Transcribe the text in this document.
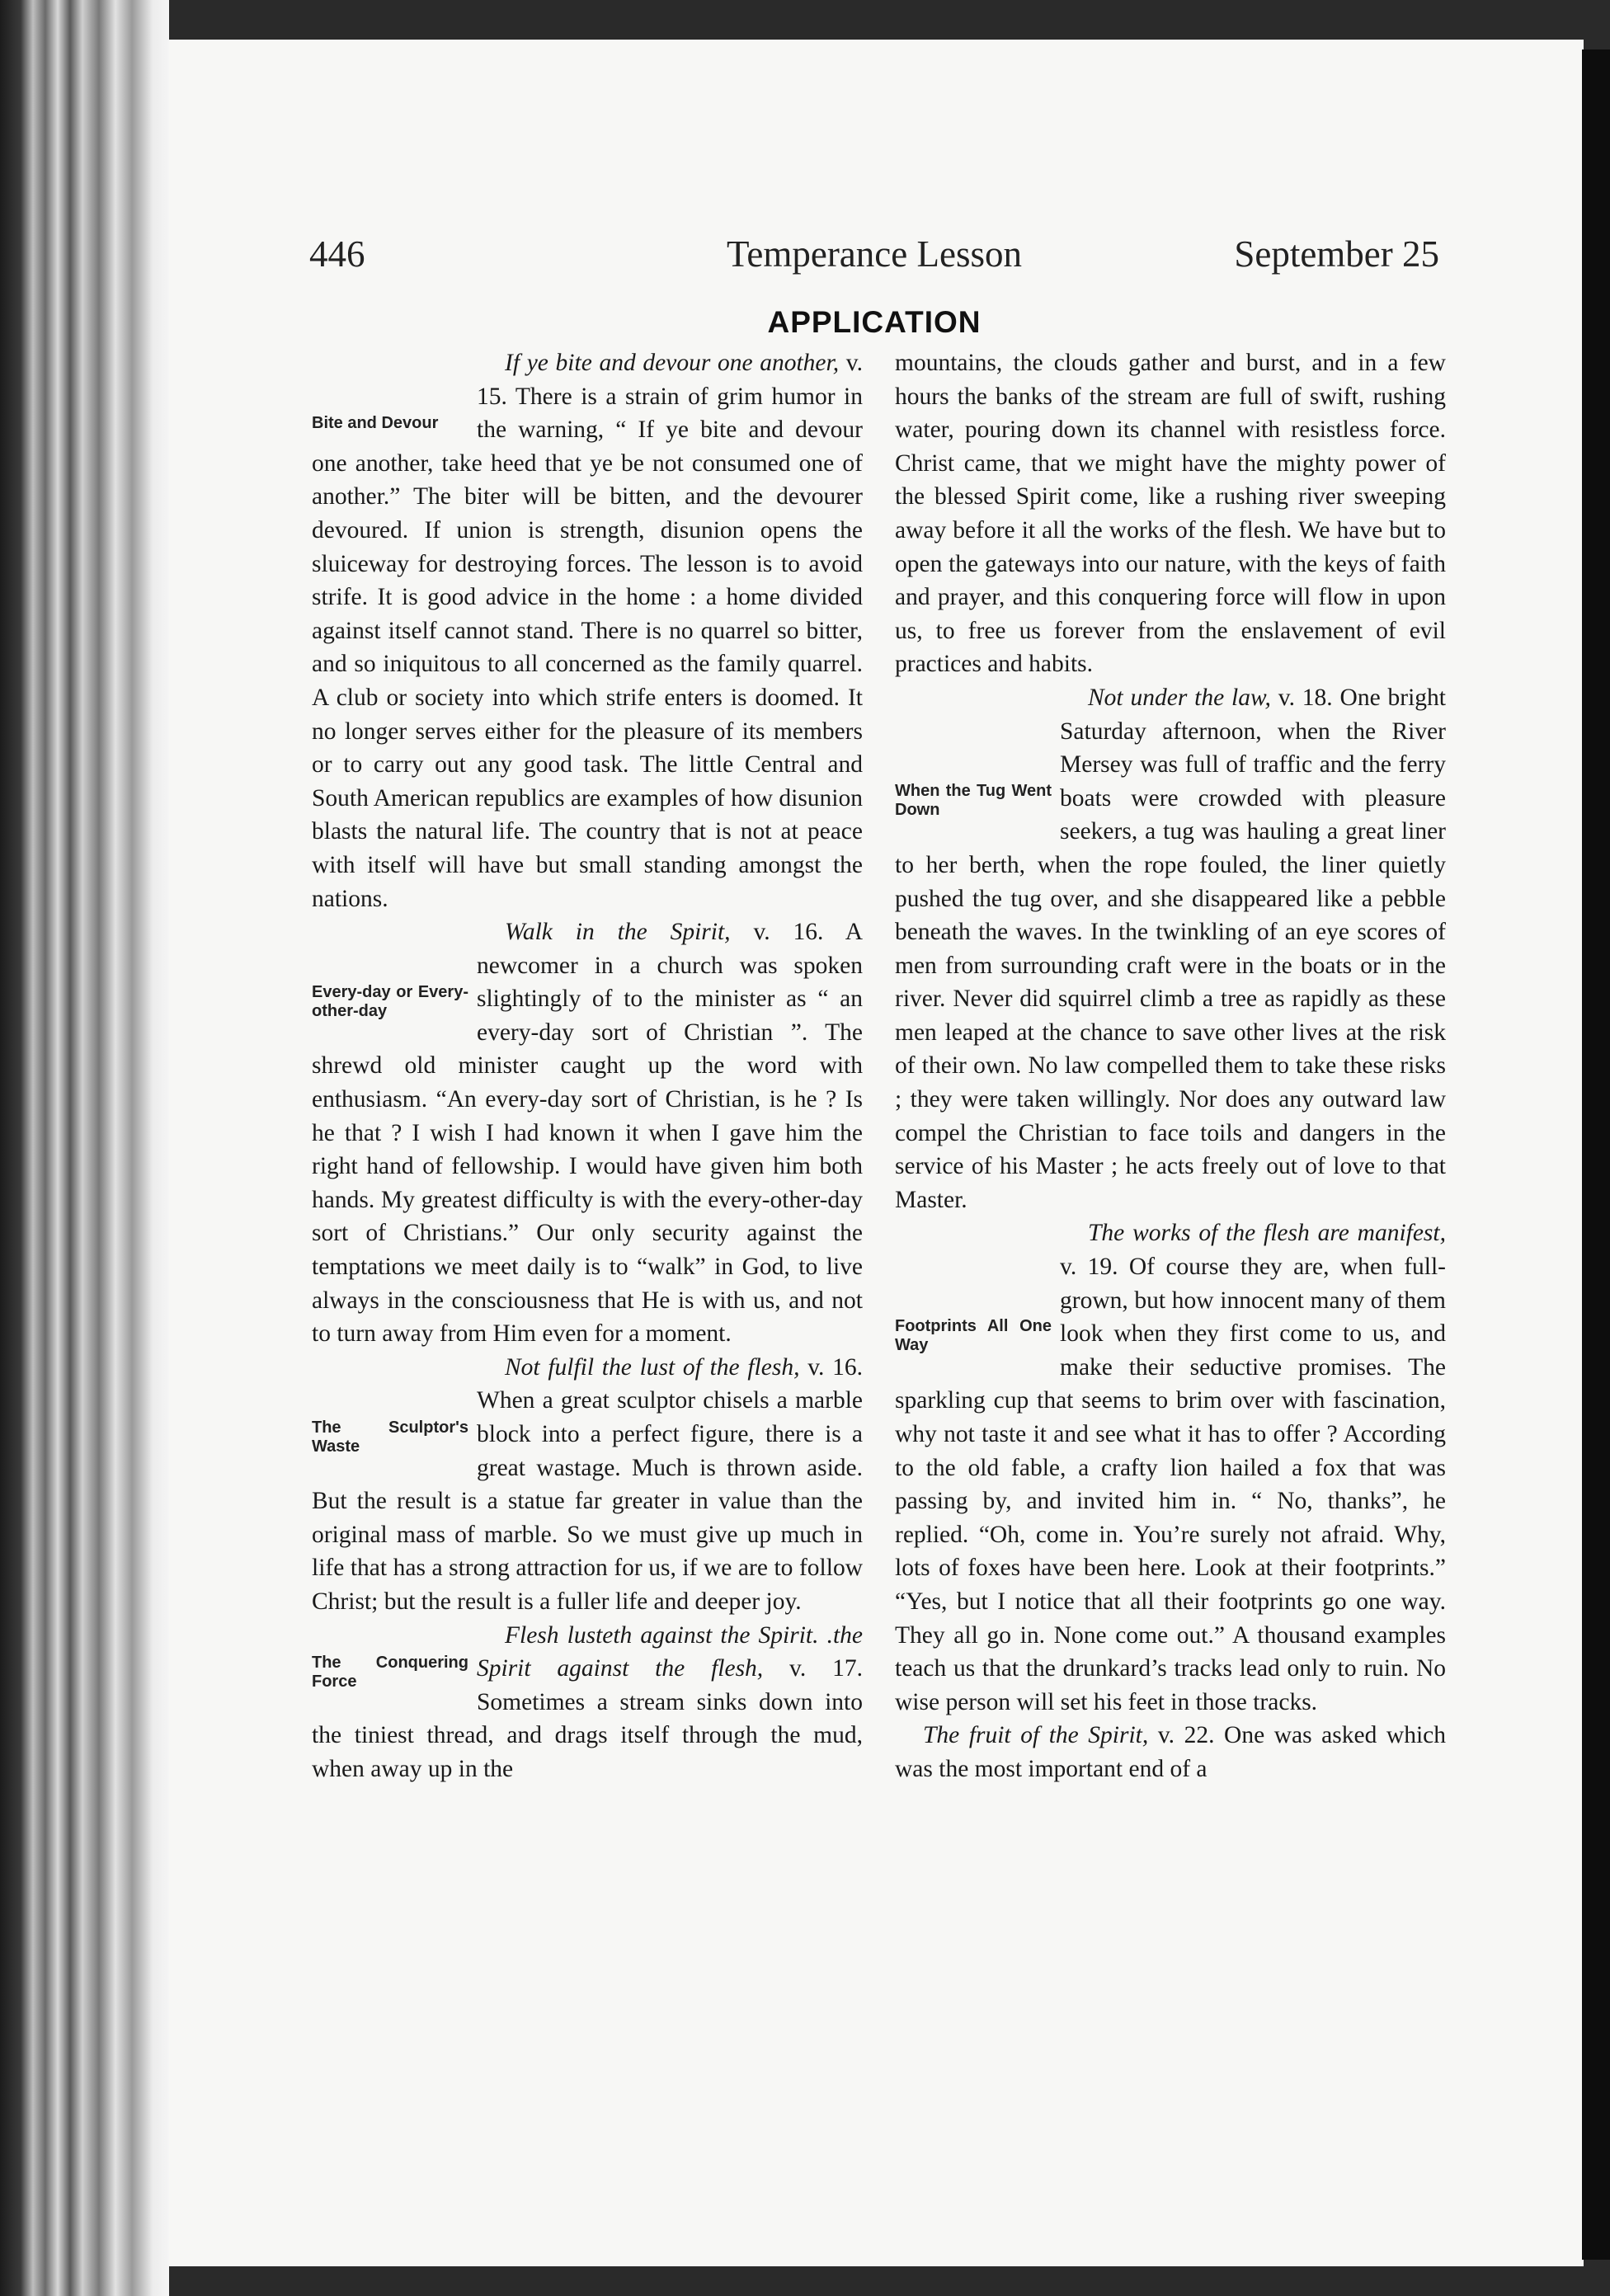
446	Temperance Lesson	September 25
APPLICATION

Bite and Devour
If ye bite and devour one another, v. 15. There is a strain of grim humor in the warning, “ If ye bite and devour one another, take heed that ye be not consumed one of another.” The biter will be bitten, and the devourer devoured. If union is strength, disunion opens the sluiceway for destroying forces. The lesson is to avoid strife. It is good advice in the home : a home divided against itself cannot stand. There is no quarrel so bitter, and so iniquitous to all concerned as the family quarrel. A club or society into which strife enters is doomed. It no longer serves either for the pleasure of its members or to carry out any good task. The little Central and South American republics are examples of how disunion blasts the natural life. The country that is not at peace with itself will have but small standing amongst the nations.

Every-day or Every-other-day
Walk in the Spirit, v. 16. A newcomer in a church was spoken slightingly of to the minister as “ an every-day sort of Christian ”. The shrewd old minister caught up the word with enthusiasm. “An every-day sort of Christian, is he ? Is he that ? I wish I had known it when I gave him the right hand of fellowship. I would have given him both hands. My greatest difficulty is with the every-other-day sort of Christians.” Our only security against the temptations we meet daily is to “walk” in God, to live always in the consciousness that He is with us, and not to turn away from Him even for a moment.

The Sculptor's Waste
Not fulfil the lust of the flesh, v. 16. When a great sculptor chisels a marble block into a perfect figure, there is a great wastage. Much is thrown aside. But the result is a statue far greater in value than the original mass of marble. So we must give up much in life that has a strong attraction for us, if we are to follow Christ; but the result is a fuller life and deeper joy.

The Conquering Force
Flesh lusteth against the Spirit. .the Spirit against the flesh, v. 17. Sometimes a stream sinks down into the tiniest thread, and drags itself through the mud, when away up in the

mountains, the clouds gather and burst, and in a few hours the banks of the stream are full of swift, rushing water, pouring down its channel with resistless force. Christ came, that we might have the mighty power of the blessed Spirit come, like a rushing river sweeping away before it all the works of the flesh. We have but to open the gateways into our nature, with the keys of faith and prayer, and this conquering force will flow in upon us, to free us forever from the enslavement of evil practices and habits.

When the Tug Went Down
Not under the law, v. 18. One bright Saturday afternoon, when the River Mersey was full of traffic and the ferry boats were crowded with pleasure seekers, a tug was hauling a great liner to her berth, when the rope fouled, the liner quietly pushed the tug over, and she disappeared like a pebble beneath the waves. In the twinkling of an eye scores of men from surrounding craft were in the boats or in the river. Never did squirrel climb a tree as rapidly as these men leaped at the chance to save other lives at the risk of their own. No law compelled them to take these risks ; they were taken willingly. Nor does any outward law compel the Christian to face toils and dangers in the service of his Master ; he acts freely out of love to that Master.

Footprints All One Way
The works of the flesh are manifest, v. 19. Of course they are, when full-grown, but how innocent many of them look when they first come to us, and make their seductive promises. The sparkling cup that seems to brim over with fascination, why not taste it and see what it has to offer ? According to the old fable, a crafty lion hailed a fox that was passing by, and invited him in. “ No, thanks”, he replied. “Oh, come in. You’re surely not afraid. Why, lots of foxes have been here. Look at their footprints.” “Yes, but I notice that all their footprints go one way. They all go in. None come out.” A thousand examples teach us that the drunkard’s tracks lead only to ruin. No wise person will set his feet in those tracks.

The fruit of the Spirit, v. 22. One was asked which was the most important end of a
